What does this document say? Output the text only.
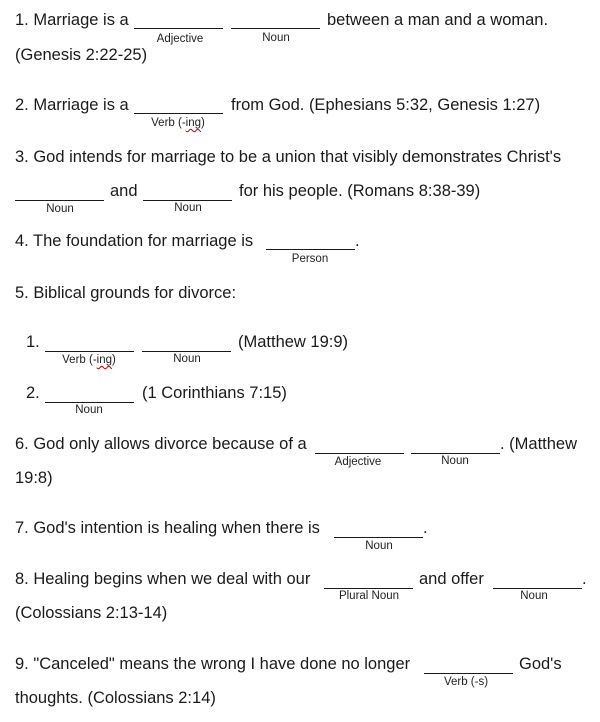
1. Marriage is a	between a man and a woman.
Adjective	Noun
(Genesis 2:22-25)
2. Marriage is a	from God. (Ephesians 5:32, Genesis 1:27)
Verb (-ing)
3. God intends for marriage to be a union that visibly demonstrates Christ's
and	for his people. (Romans 8:38-39)
Noun	Noun
4. The foundation for marriage is	.
Person
5. Biblical grounds for divorce:
1.	(Matthew 19:9)
Verb (-ing)	Noun
2.	(1 Corinthians 7:15)
Noun
6. God only allows divorce because of a	. (Matthew
Adjective	Noun
19:8)
7. God's intention is healing when there is	.
Noun
8. Healing begins when we deal with our	and offer	.
Plural Noun	Noun
(Colossians 2:13-14)
9. "Canceled" means the wrong I have done no longer	God's
Verb (-s)
thoughts. (Colossians 2:14)
